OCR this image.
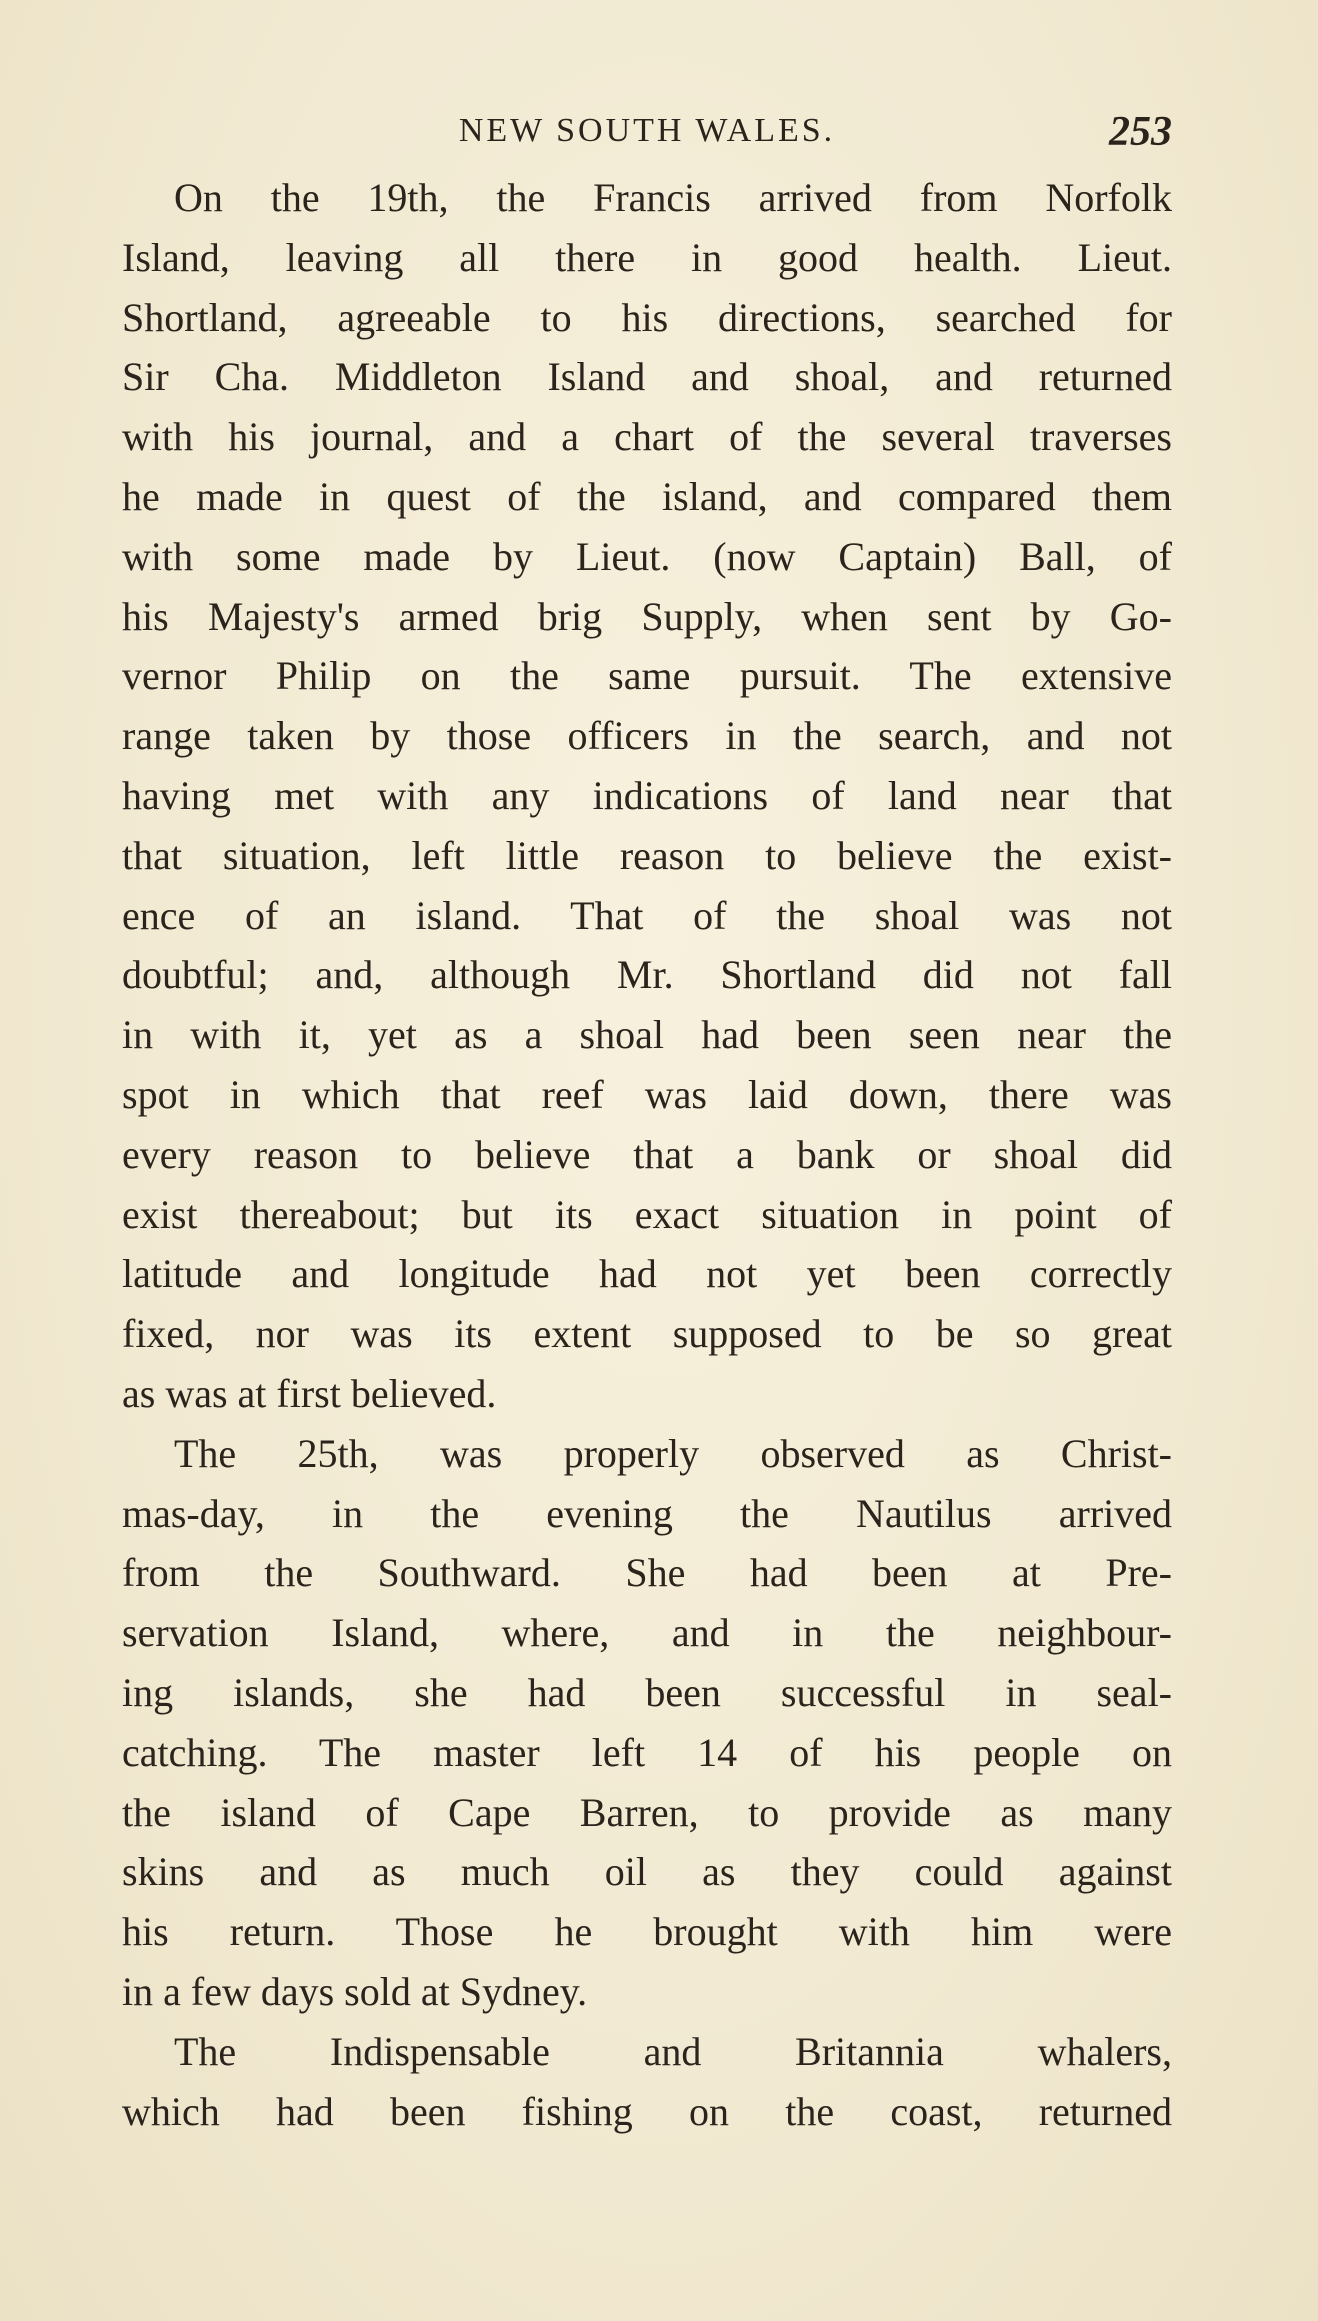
NEW SOUTH WALES.	253
On the 19th, the Francis arrived from Norfolk
Island, leaving all there in good health. Lieut.
Shortland, agreeable to his directions, searched for
Sir Cha. Middleton Island and shoal, and returned
with his journal, and a chart of the several traverses
he made in quest of the island, and compared them
with some made by Lieut. (now Captain) Ball, of
his Majesty's armed brig Supply, when sent by Go-
vernor Philip on the same pursuit. The extensive
range taken by those officers in the search, and not
having met with any indications of land near that
that situation, left little reason to believe the exist-
ence of an island. That of the shoal was not
doubtful; and, although Mr. Shortland did not fall
in with it, yet as a shoal had been seen near the
spot in which that reef was laid down, there was
every reason to believe that a bank or shoal did
exist thereabout; but its exact situation in point of
latitude and longitude had not yet been correctly
fixed, nor was its extent supposed to be so great
as was at first believed.
The 25th, was properly observed as Christ-
mas-day, in the evening the Nautilus arrived
from the Southward. She had been at Pre-
servation Island, where, and in the neighbour-
ing islands, she had been successful in seal-
catching. The master left 14 of his people on
the island of Cape Barren, to provide as many
skins and as much oil as they could against
his return. Those he brought with him were
in a few days sold at Sydney.
The Indispensable and Britannia whalers,
which had been fishing on the coast, returned
